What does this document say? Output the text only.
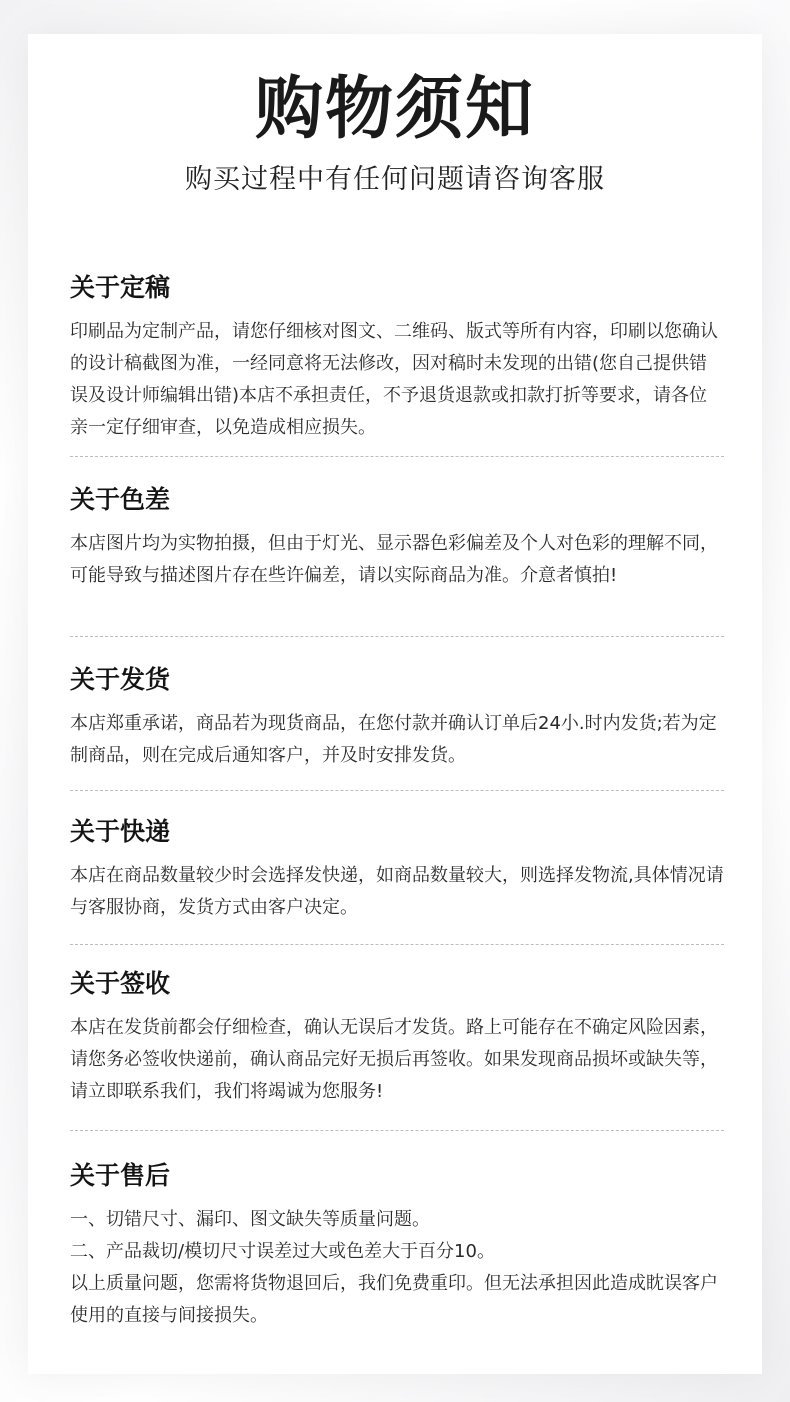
购物须知
购买过程中有任何问题请咨询客服
关于定稿
印刷品为定制产品，请您仔细核对图文、二维码、版式等所有内容，印刷以您确认的设计稿截图为准，一经同意将无法修改，因对稿时未发现的出错(您自己提供错误及设计师编辑出错)本店不承担责任，不予退货退款或扣款打折等要求，请各位亲一定仔细审查，以免造成相应损失。
关于色差
本店图片均为实物拍摄，但由于灯光、显示器色彩偏差及个人对色彩的理解不同，可能导致与描述图片存在些许偏差，请以实际商品为准。介意者慎拍!
关于发货
本店郑重承诺，商品若为现货商品，在您付款并确认订单后24小.时内发货;若为定制商品，则在完成后通知客户，并及时安排发货。
关于快递
本店在商品数量较少时会选择发快递，如商品数量较大，则选择发物流,具体情况请与客服协商，发货方式由客户决定。
关于签收
本店在发货前都会仔细检查，确认无误后才发货。路上可能存在不确定风险因素，请您务必签收快递前，确认商品完好无损后再签收。如果发现商品损坏或缺失等，请立即联系我们，我们将竭诚为您服务!
关于售后
一、切错尺寸、漏印、图文缺失等质量问题。
二、产品裁切/模切尺寸误差过大或色差大于百分10。
以上质量问题，您需将货物退回后，我们免费重印。但无法承担因此造成眈误客户使用的直接与间接损失。
